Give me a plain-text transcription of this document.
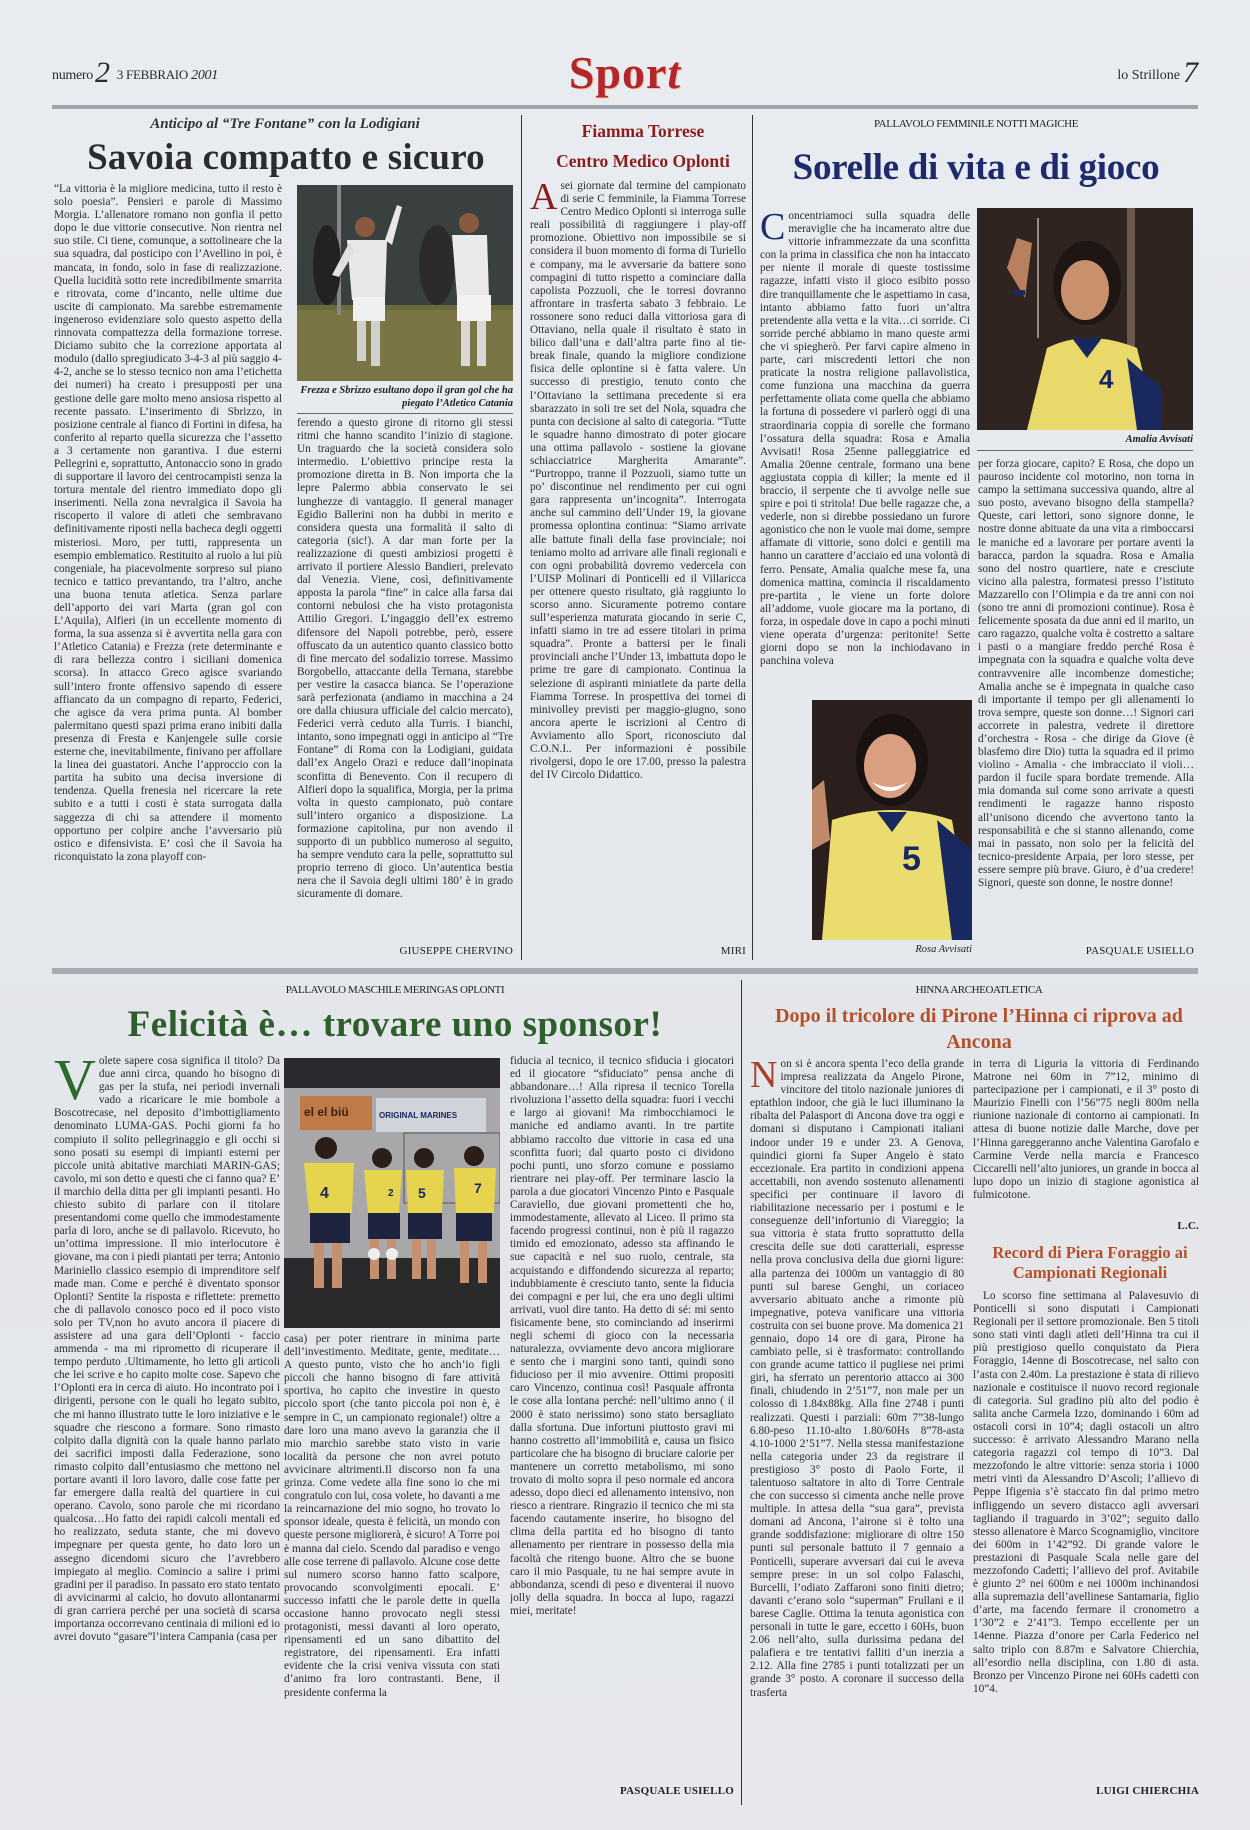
numero2 3 FEBBRAIO 2001	Sport	lo Strillone 7
Anticipo al “Tre Fontane” con la Lodigiani
Savoia compatto e sicuro

“La vittoria è la migliore medicina, tutto il resto è solo poesia”. Pensieri e parole di Massimo Morgia. L’allenatore romano non gonfia il petto dopo le due vittorie consecutive. Non rientra nel suo stile. Ci tiene, comunque, a sottolineare che la sua squadra, dal posticipo con l’Avellino in poi, è mancata, in fondo, solo in fase di realizzazione. Quella lucidità sotto rete incredibilmente smarrita e ritrovata, come d’incanto, nelle ultime due uscite di campionato. Ma sarebbe estremamente ingeneroso evidenziare solo questo aspetto della rinnovata compattezza della formazione torrese. Diciamo subito che la correzione apportata al modulo (dallo spregiudicato 3-4-3 al più saggio 4-4-2, anche se lo stesso tecnico non ama l’etichetta dei numeri) ha creato i presupposti per una gestione delle gare molto meno ansiosa rispetto al recente passato. L’inserimento di Sbrizzo, in posizione centrale al fianco di Fortini in difesa, ha conferito al reparto quella sicurezza che l’assetto a 3 certamente non garantiva. I due esterni Pellegrini e, soprattutto, Antonaccio sono in grado di supportare il lavoro dei centrocampisti senza la tortura mentale del rientro immediato dopo gli inserimenti. Nella zona nevralgica il Savoia ha riscoperto il valore di atleti che sembravano definitivamente riposti nella bacheca degli oggetti misteriosi. Moro, per tutti, rappresenta un esempio emblematico. Restituito al ruolo a lui più congeniale, ha piacevolmente sorpreso sul piano tecnico e tattico prevantando, tra l’altro, anche una buona tenuta atletica. Senza parlare dell’apporto dei vari Marta (gran gol con L’Aquila), Alfieri (in un eccellente momento di forma, la sua assenza si è avvertita nella gara con l’Atletico Catania) e Frezza (rete determinante e di rara bellezza contro i siciliani domenica scorsa). In attacco Greco agisce svariando sull’intero fronte offensivo sapendo di essere affiancato da un compagno di reparto, Federici, che agisce da vera prima punta. Al bomber palermitano questi spazi prima erano inibiti dalla presenza di Fresta e Kanjengele sulle corsie esterne che, inevitabilmente, finivano per affollare la linea dei guastatori. Anche l’approccio con la partita ha subito una decisa inversione di tendenza. Quella frenesia nel ricercare la rete subito e a tutti i costi è stata surrogata dalla saggezza di chi sa attendere il momento opportuno per colpire anche l’avversario più ostico e difensivista. E’ così che il Savoia ha riconquistato la zona playoff con-

Frezza e Sbrizzo esultano dopo il gran gol che ha piegato l’Atletico Catania

ferendo a questo girone di ritorno gli stessi ritmi che hanno scandito l’inizio di stagione. Un traguardo che la società considera solo intermedio. L’obiettivo principe resta la promozione diretta in B. Non importa che la lepre Palermo abbia conservato le sei lunghezze di vantaggio. Il general manager Egidio Ballerini non ha dubbi in merito e considera questa una formalità il salto di categoria (sic!). A dar man forte per la realizzazione di questi ambiziosi progetti è arrivato il portiere Alessio Bandieri, prelevato dal Venezia. Viene, così, definitivamente apposta la parola “fine” in calce alla farsa dai contorni nebulosi che ha visto protagonista Attilio Gregori. L’ingaggio dell’ex estremo difensore del Napoli potrebbe, però, essere offuscato da un autentico quanto classico botto di fine mercato del sodalizio torrese. Massimo Borgobello, attaccante della Ternana, starebbe per vestire la casacca bianca. Se l’operazione sarà perfezionata (andiamo in macchina a 24 ore dalla chiusura ufficiale del calcio mercato), Federici verrà ceduto alla Turris. I bianchi, intanto, sono impegnati oggi in anticipo al “Tre Fontane” di Roma con la Lodigiani, guidata dall’ex Angelo Orazi e reduce dall’inopinata sconfitta di Benevento. Con il recupero di Alfieri dopo la squalifica, Morgia, per la prima volta in questo campionato, può contare sull’intero organico a disposizione. La formazione capitolina, pur non avendo il supporto di un pubblico numeroso al seguito, ha sempre venduto cara la pelle, soprattutto sul proprio terreno di gioco. Un’autentica bestia nera che il Savoia degli ultimi 180’ è in grado sicuramente di domare.

GIUSEPPE CHERVINO
Fiamma Torrese
Centro Medico Oplonti
A sei giornate dal termine del campionato di serie C femminile, la Fiamma Torrese Centro Medico Oplonti si interroga sulle reali possibilità di raggiungere i play-off promozione. Obiettivo non impossibile se si considera il buon momento di forma di Turiello e company, ma le avversarie da battere sono compagini di tutto rispetto a cominciare dalla capolista Pozzuoli, che le torresi dovranno affrontare in trasferta sabato 3 febbraio. Le rossonere sono reduci dalla vittoriosa gara di Ottaviano, nella quale il risultato è stato in bilico dall’una e dall’altra parte fino al tie-break finale, quando la migliore condizione fisica delle oplontine si è fatta valere. Un successo di prestigio, tenuto conto che l’Ottaviano la settimana precedente si era sbarazzato in soli tre set del Nola, squadra che punta con decisione al salto di categoria. “Tutte le squadre hanno dimostrato di poter giocare una ottima pallavolo - sostiene la giovane schiacciatrice Margherita Amarante”. “Purtroppo, tranne il Pozzuoli, siamo tutte un po’ discontinue nel rendimento per cui ogni gara rappresenta un’incognita”. Interrogata anche sul cammino dell’Under 19, la giovane promessa oplontina continua: “Siamo arrivate alle battute finali della fase provinciale; noi teniamo molto ad arrivare alle finali regionali e con ogni probabilità dovremo vedercela con l’UISP Molinari di Ponticelli ed il Villaricca per ottenere questo risultato, già raggiunto lo scorso anno. Sicuramente potremo contare sull’esperienza maturata giocando in serie C, infatti siamo in tre ad essere titolari in prima squadra”. Pronte a battersi per le finali provinciali anche l’Under 13, imbattuta dopo le prime tre gare di campionato. Continua la selezione di aspiranti miniatlete da parte della Fiamma Torrese. In prospettiva dei tornei di minivolley previsti per maggio-giugno, sono ancora aperte le iscrizioni al Centro di Avviamento allo Sport, riconosciuto dal C.O.N.I.. Per informazioni è possibile rivolgersi, dopo le ore 17.00, presso la palestra del IV Circolo Didattico.

MIRI
PALLAVOLO FEMMINILE NOTTI MAGICHE
Sorelle di vita e di gioco
C oncentriamoci sulla squadra delle meraviglie che ha incamerato altre due vittorie inframmezzate da una sconfitta con la prima in classifica che non ha intaccato per niente il morale di queste tostissime ragazze, infatti visto il gioco esibito posso dire tranquillamente che le aspettiamo in casa, intanto abbiamo fatto fuori un’altra pretendente alla vetta e la vita…ci sorride. Ci sorride perché abbiamo in mano queste armi che vi spiegherò. Per farvi capire almeno in parte, cari miscredenti lettori che non praticate la nostra religione pallavolistica, come funziona una macchina da guerra perfettamente oliata come quella che abbiamo la fortuna di possedere vi parlerò oggi di una straordinaria coppia di sorelle che formano l’ossatura della squadra: Rosa e Amalia Avvisati! Rosa 25enne palleggiatrice ed Amalia 20enne centrale, formano una bene aggiustata coppia di killer; la mente ed il braccio, il serpente che ti avvolge nelle sue spire e poi ti stritola! Due belle ragazze che, a vederle, non si direbbe possiedano un furore agonistico che non le vuole mai dome, sempre affamate di vittorie, sono dolci e gentili ma hanno un carattere d’acciaio ed una volontà di ferro. Pensate, Amalia qualche mese fa, una domenica mattina, comincia il riscaldamento pre-partita , le viene un forte dolore all’addome, vuole giocare ma la portano, di forza, in ospedale dove in capo a pochi minuti viene operata d’urgenza: peritonite! Sette giorni dopo se non la inchiodavano in panchina voleva

4
Amalia Avvisati

per forza giocare, capito? E Rosa, che dopo un pauroso incidente col motorino, non torna in campo la settimana successiva quando, altre al suo posto, avevano bisogno della stampella? Queste, cari lettori, sono signore donne, le nostre donne abituate da una vita a rimboccarsi le maniche ed a lavorare per portare aventi la baracca, pardon la squadra. Rosa e Amalia sono del nostro quartiere, nate e cresciute vicino alla palestra, formatesi presso l’istituto Mazzarello con l’Olimpia e da tre anni con noi (sono tre anni di promozioni continue). Rosa è felicemente sposata da due anni ed il marito, un caro ragazzo, qualche volta è costretto a saltare i pasti o a mangiare freddo perché Rosa è impegnata con la squadra e qualche volta deve contravvenire alle incombenze domestiche; Amalia anche se è impegnata in qualche caso di importante il tempo per gli allenamenti lo trova sempre, queste son donne…! Signori cari accorrete in palestra, vedrete il direttore d’orchestra - Rosa - che dirige da Giove (è blasfemo dire Dio) tutta la squadra ed il primo violino - Amalia - che imbracciato il violi… pardon il fucile spara bordate tremende. Alla mia domanda sul come sono arrivate a questi rendimenti le ragazze hanno risposto all’unisono dicendo che avvertono tanto la responsabilità e che si stanno allenando, come mai in passato, non solo per la felicità del tecnico-presidente Arpaia, per loro stesse, per essere sempre più brave. Giuro, è d’ua credere! Signori, queste son donne, le nostre donne!

PASQUALE USIELLO
5
Rosa Avvisati
PALLAVOLO MASCHILE MERINGAS OPLONTI
Felicità è… trovare uno sponsor!
V olete sapere cosa significa il titolo? Da due anni circa, quando ho bisogno di gas per la stufa, nei periodi invernali vado a ricaricare le mie bombole a Boscotrecase, nel deposito d’imbottigliamento denominato LUMA-GAS. Pochi giorni fa ho compiuto il solito pellegrinaggio e gli occhi si sono posati su esempi di impianti esterni per piccole unità abitative marchiati MARIN-GAS; cavolo, mi son detto e questi che ci fanno qua? E’ il marchio della ditta per gli impianti pesanti. Ho chiesto subito di parlare con il titolare presentandomi come quello che immodestamente parla di loro, anche se di pallavolo. Ricevuto, ho un’ottima impressione. Il mio interlocutore è giovane, ma con i piedi piantati per terra; Antonio Mariniello classico esempio di imprenditore self made man. Come e perché è diventato sponsor Oplonti? Sentite la risposta e riflettete: premetto che di pallavolo conosco poco ed il poco visto solo per TV,non ho avuto ancora il piacere di assistere ad una gara dell’Oplonti - faccio ammenda - ma mi riprometto di ricuperare il tempo perduto .Ultimamente, ho letto gli articoli che lei scrive e ho capito molte cose. Sapevo che l’Oplonti era in cerca di aiuto. Ho incontrato poi i dirigenti, persone con le quali ho legato subito, che mi hanno illustrato tutte le loro iniziative e le squadre che riescono a formare. Sono rimasto colpito dalla dignità con la quale hanno parlato dei sacrifici imposti dalla Federazione, sono rimasto colpito dall’entusiasmo che mettono nel portare avanti il loro lavoro, dalle cose fatte per far emergere dalla realtà del quartiere in cui operano. Cavolo, sono parole che mi ricordano qualcosa…Ho fatto dei rapidi calcoli mentali ed ho realizzato, seduta stante, che mi dovevo impegnare per questa gente, ho dato loro un assegno dicendomi sicuro che l’avrebbero impiegato al meglio. Comincio a salire i primi gradini per il paradiso. In passato ero stato tentato di avvicinarmi al calcio, ho dovuto allontanarmi di gran carriera perché per una società di scarsa importanza occorrevano centinaia di milioni ed io avrei dovuto “gasare”l’intera Campania (casa per

el el biü	ORIGINAL MARINES
4	2 5	7

casa) per poter rientrare in minima parte dell’investimento. Meditate, gente, meditate… A questo punto, visto che ho anch’io figli piccoli che hanno bisogno di fare attività sportiva, ho capito che investire in questo piccolo sport (che tanto piccola poi non è, è sempre in C, un campionato regionale!) oltre a dare loro una mano avevo la garanzia che il mio marchio sarebbe stato visto in varie località da persone che non avrei potuto avvicinare altrimenti.Il discorso non fa una grinza. Come vedete alla fine sono io che mi congratulo con lui, cosa volete, ho davanti a me la reincarnazione del mio sogno, ho trovato lo sponsor ideale, questa è felicità, un mondo con queste persone migliorerà, è sicuro! A Torre poi è manna dal cielo. Scendo dal paradiso e vengo alle cose terrene di pallavolo. Alcune cose dette sul numero scorso hanno fatto scalpore, provocando sconvolgimenti epocali. E’ successo infatti che le parole dette in quella occasione hanno provocato negli stessi protagonisti, messi davanti al loro operato, ripensamenti ed un sano dibattito del registratore, dei ripensamenti. Era infatti evidente che la crisi veniva vissuta con stati d’animo fra loro contrastanti. Bene, il presidente conferma la

fiducia al tecnico, il tecnico sfiducia i giocatori ed il giocatore “sfiduciato” pensa anche di abbandonare…! Alla ripresa il tecnico Torella rivoluziona l’assetto della squadra: fuori i vecchi e largo ai giovani! Ma rimbocchiamoci le maniche ed andiamo avanti. In tre partite abbiamo raccolto due vittorie in casa ed una sconfitta fuori; dal quarto posto ci dividono pochi punti, uno sforzo comune e possiamo rientrare nei play-off. Per terminare lascio la parola a due giocatori Vincenzo Pinto e Pasquale Caraviello, due giovani promettenti che ho, immodestamente, allevato al Liceo. Il primo sta facendo progressi continui, non è più il ragazzo timido ed emozionato, adesso sta affinando le sue capacità e nel suo ruolo, centrale, sta acquistando e diffondendo sicurezza al reparto; indubbiamente è cresciuto tanto, sente la fiducia dei compagni e per lui, che era uno degli ultimi arrivati, vuol dire tanto. Ha detto di sé: mi sento fisicamente bene, sto cominciando ad inserirmi negli schemi di gioco con la necessaria naturalezza, ovviamente devo ancora migliorare e sento che i margini sono tanti, quindi sono fiducioso per il mio avvenire. Ottimi propositi caro Vincenzo, continua così! Pasquale affronta le cose alla lontana perché: nell’ultimo anno ( il 2000 è stato nerissimo) sono stato bersagliato dalla sfortuna. Due infortuni piuttosto gravi mi hanno costretto all’immobilità e, causa un fisico particolare che ha bisogno di bruciare calorie per mantenere un corretto metabolismo, mi sono trovato di molto sopra il peso normale ed ancora adesso, dopo dieci ed allenamento intensivo, non riesco a rientrare. Ringrazio il tecnico che mi sta facendo cautamente inserire, ho bisogno del clima della partita ed ho bisogno di tanto allenamento per rientrare in possesso della mia facoltà che ritengo buone. Altro che se buone caro il mio Pasquale, tu ne hai sempre avute in abbondanza, scendi di peso e diventerai il nuovo jolly della squadra. In bocca al lupo, ragazzi miei, meritate!

PASQUALE USIELLO
HINNA ARCHEOATLETICA
Dopo il tricolore di Pirone l’Hinna ci riprova ad Ancona
N on si è ancora spenta l’eco della grande impresa realizzata da Angelo Pirone, vincitore del titolo nazionale juniores di eptathlon indoor, che già le luci illuminano la ribalta del Palasport di Ancona dove tra oggi e domani si disputano i Campionati italiani indoor under 19 e under 23. A Genova, quindici giorni fa Super Angelo è stato eccezionale. Era partito in condizioni appena accettabili, non avendo sostenuto allenamenti specifici per continuare il lavoro di riabilitazione necessario per i postumi e le conseguenze dell’infortunio di Viareggio; la sua vittoria è stata frutto soprattutto della crescita delle sue doti caratteriali, espresse nella prova conclusiva della due giorni ligure: alla partenza dei 1000m un vantaggio di 80 punti sul barese Genghi, un coriaceo avversario abituato anche a rimonte più impegnative, poteva vanificare una vittoria costruita con sei buone prove. Ma domenica 21 gennaio, dopo 14 ore di gara, Pirone ha cambiato pelle, si è trasformato: controllando con grande acume tattico il pugliese nei primi giri, ha sferrato un perentorio attacco ai 300 finali, chiudendo in 2’51”7, non male per un colosso di 1.84x88kg. Alla fine 2748 i punti realizzati. Questi i parziali: 60m 7”38-lungo 6.80-peso 11.10-alto 1.80/60Hs 8”78-asta 4.10-1000 2’51”7. Nella stessa manifestazione nella categoria under 23 da registrare il prestigioso 3° posto di Paolo Forte, il talentuoso saltatore in alto di Torre Centrale che con successo si cimenta anche nelle prove multiple. In attesa della “sua gara”, prevista domani ad Ancona, l’airone si è tolto una grande soddisfazione: migliorare di oltre 150 punti sul personale battuto il 7 gennaio a Ponticelli, superare avversari dai cui le aveva sempre prese: in un sol colpo Falaschi, Burcelli, l’odiato Zaffaroni sono finiti dietro; davanti c’erano solo “superman” Frullani e il barese Caglie. Ottima la tenuta agonistica con personali in tutte le gare, eccetto i 60Hs, buon 2.06 nell’alto, sulla durissima pedana del palafiera e tre tentativi falliti d’un inerzia a 2.12. Alla fine 2785 i punti totalizzati per un grande 3° posto. A coronare il successo della trasferta

in terra di Liguria la vittoria di Ferdinando Matrone nei 60m in 7”12, minimo di partecipazione per i campionati, e il 3° posto di Maurizio Finelli con l’56”75 negli 800m nella riunione nazionale di contorno ai campionati. In attesa di buone notizie dalle Marche, dove per l’Hinna gareggeranno anche Valentina Garofalo e Carmine Verde nella marcia e Francesco Ciccarelli nell’alto juniores, un grande in bocca al lupo dopo un inizio di stagione agonistica al fulmicotone.

L.C.
Record di Piera Foraggio ai Campionati Regionali

Lo scorso fine settimana al Palavesuvio di Ponticelli si sono disputati i Campionati Regionali per il settore promozionale. Ben 5 titoli sono stati vinti dagli atleti dell’Hinna tra cui il più prestigioso quello conquistato da Piera Foraggio, 14enne di Boscotrecase, nel salto con l’asta con 2.40m. La prestazione è stata di rilievo nazionale e costituisce il nuovo record regionale di categoria. Sul gradino più alto del podio è salita anche Carmela Izzo, dominando i 60m ad ostacoli corsi in 10”4; dagli ostacoli un altro successo: è arrivato Alessandro Marano nella categoria ragazzi col tempo di 10”3. Dal mezzofondo le altre vittorie: senza storia i 1000 metri vinti da Alessandro D’Ascoli; l’allievo di Peppe Ifigenia s’è staccato fin dal primo metro infliggendo un severo distacco agli avversari tagliando il traguardo in 3’02”; seguito dallo stesso allenatore è Marco Scognamiglio, vincitore dei 600m in 1’42”92. Di grande valore le prestazioni di Pasquale Scala nelle gare del mezzofondo Cadetti; l’allievo del prof. Avitabile è giunto 2° nei 600m e nei 1000m inchinandosi alla supremazia dell’avellinese Santamaria, figlio d’arte, ma facendo fermare il cronometro a 1’30”2 e 2’41”3. Tempo eccellente per un 14enne. Piazza d’onore per Carla Federico nel salto triplo con 8.87m e Salvatore Chierchia, all’esordio nella disciplina, con 1.80 di asta. Bronzo per Vincenzo Pirone nei 60Hs cadetti con 10”4.

LUIGI CHIERCHIA
